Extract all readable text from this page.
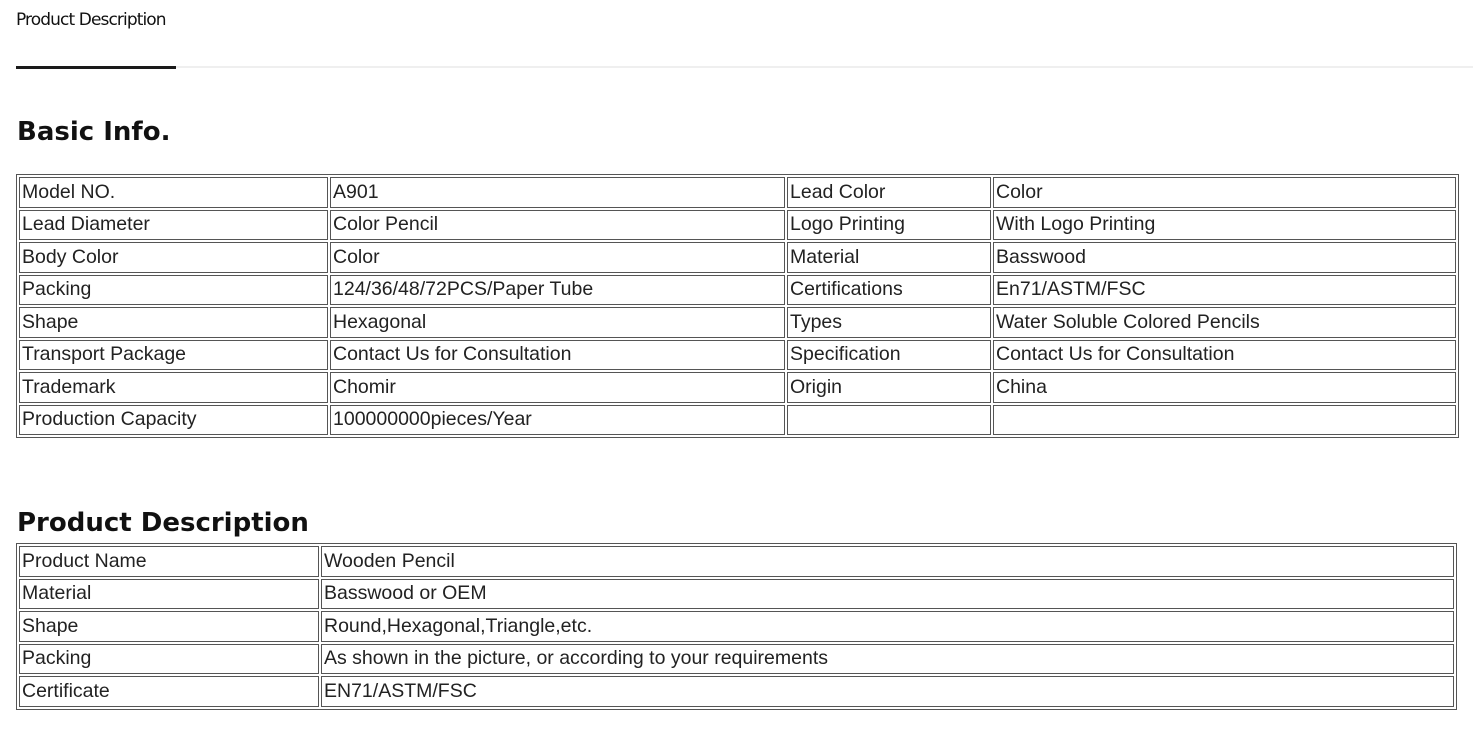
Product Description
Basic Info.
Model NO.	A901	Lead Color	Color
Lead Diameter	Color Pencil	Logo Printing	With Logo Printing
Body Color	Color	Material	Basswood
Packing	124/36/48/72PCS/Paper Tube	Certifications	En71/ASTM/FSC
Shape	Hexagonal	Types	Water Soluble Colored Pencils
Transport Package	Contact Us for Consultation	Specification	Contact Us for Consultation
Trademark	Chomir	Origin	China
Production Capacity	100000000pieces/Year		
Product Description
Product Name	Wooden Pencil
Material	Basswood or OEM
Shape	Round,Hexagonal,Triangle,etc.
Packing	As shown in the picture, or according to your requirements
Certificate	EN71/ASTM/FSC
